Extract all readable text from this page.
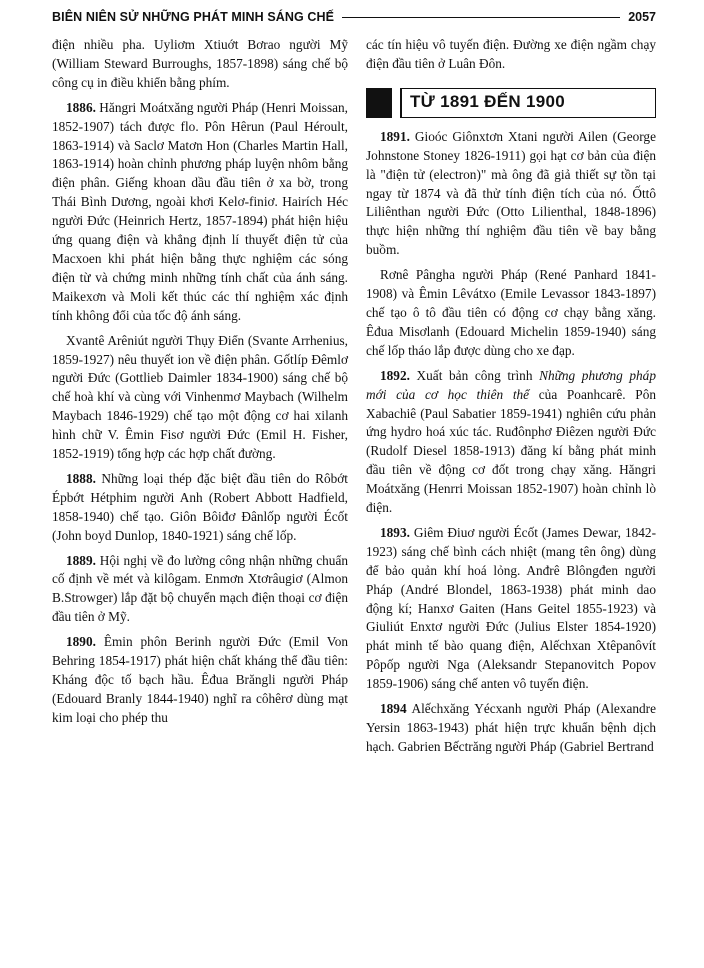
BIÊN NIÊN SỬ NHỮNG PHÁT MINH SÁNG CHẾ	2057

điện nhiều pha. Uyliơm Xtiuớt Bơrao người Mỹ (William Steward Burroughs, 1857-1898) sáng chế bộ công cụ in điều khiển bằng phím.

1886. Hăngri Moátxăng người Pháp (Henri Moissan, 1852-1907) tách được flo. Pôn Hêrun (Paul Héroult, 1863-1914) và Saclơ Matơn Hon (Charles Martin Hall, 1863-1914) hoàn chỉnh phương pháp luyện nhôm bằng điện phân. Giếng khoan dầu đầu tiên ở xa bờ, trong Thái Bình Dương, ngoài khơi Kelơ-finiơ. Hairích Héc người Đức (Heinrich Hertz, 1857-1894) phát hiện hiệu ứng quang điện và khẳng định lí thuyết điện tử của Macxoen khi phát hiện bằng thực nghiệm các sóng điện từ và chứng minh những tính chất của ánh sáng. Maikexơn và Moli kết thúc các thí nghiệm xác định tính không đổi của tốc độ ánh sáng.

Xvantê Arêniút người Thụy Điển (Svante Arrhenius, 1859-1927) nêu thuyết ion về điện phân. Gốtlíp Đêmlơ người Đức (Gottlieb Daimler 1834-1900) sáng chế bộ chế hoà khí và cùng với Vinhenmơ Maybach (Wilhelm Maybach 1846-1929) chế tạo một động cơ hai xilanh hình chữ V. Êmin Fisơ người Đức (Emil H. Fisher, 1852-1919) tổng hợp các hợp chất đường.

1888. Những loại thép đặc biệt đầu tiên do Rôbớt Épbớt Hétphim người Anh (Robert Abbott Hadfield, 1858-1940) chế tạo. Giôn Bôiđơ Đânlốp người Écốt (John boyd Dunlop, 1840-1921) sáng chế lốp.

1889. Hội nghị về đo lường công nhận những chuẩn cố định về mét và kilôgam. Enmơn Xtơrâugiơ (Almon B.Strowger) lắp đặt bộ chuyển mạch điện thoại cơ điện đầu tiên ở Mỹ.

1890. Êmin phôn Berinh người Đức (Emil Von Behring 1854-1917) phát hiện chất kháng thể đầu tiên: Kháng độc tố bạch hầu. Êđua Brăngli người Pháp (Edouard Branly 1844-1940) nghĩ ra côhêrơ dùng mạt kim loại cho phép thu

các tín hiệu vô tuyến điện. Đường xe điện ngầm chạy điện đầu tiên ở Luân Đôn.

TỪ 1891 ĐẾN 1900

1891. Gioóc Giônxtơn Xtani người Ailen (George Johnstone Stoney 1826-1911) gọi hạt cơ bản của điện là "điện tử (electron)" mà ông đã giả thiết sự tồn tại ngay từ 1874 và đã thử tính điện tích của nó. Ốttô Liliênthan người Đức (Otto Lilienthal, 1848-1896) thực hiện những thí nghiệm đầu tiên về bay bằng buồm.

Rơnê Pângha người Pháp (René Panhard 1841-1908) và Êmin Lêvátxo (Emile Levassor 1843-1897) chế tạo ô tô đầu tiên có động cơ chạy bằng xăng. Êđua Misơlanh (Edouard Michelin 1859-1940) sáng chế lốp tháo lắp được dùng cho xe đạp.

1892. Xuất bản công trình Những phương pháp mới của cơ học thiên thể của Poanhcarê. Pôn Xabachiê (Paul Sabatier 1859-1941) nghiên cứu phản ứng hydro hoá xúc tác. Ruđônphơ Điêzen người Đức (Rudolf Diesel 1858-1913) đăng kí bằng phát minh đầu tiên về động cơ đốt trong chạy xăng. Hăngri Moátxăng (Henrri Moissan 1852-1907) hoàn chỉnh lò điện.

1893. Giêm Điuơ người Écốt (James Dewar, 1842-1923) sáng chế bình cách nhiệt (mang tên ông) dùng để bảo quản khí hoá lỏng. Anđrê Blôngđen người Pháp (André Blondel, 1863-1938) phát minh dao động kí; Hanxơ Gaiten (Hans Geitel 1855-1923) và Giuliút Enxtơ người Đức (Julius Elster 1854-1920) phát minh tế bào quang điện, Alếchxan Xtêpanôvít Pôpốp người Nga (Aleksandr Stepanovitch Popov 1859-1906) sáng chế anten vô tuyến điện.

1894 Alếchxăng Yécxanh người Pháp (Alexandre Yersin 1863-1943) phát hiện trực khuẩn bệnh dịch hạch. Gabrien Bếctrăng người Pháp (Gabriel Bertrand
